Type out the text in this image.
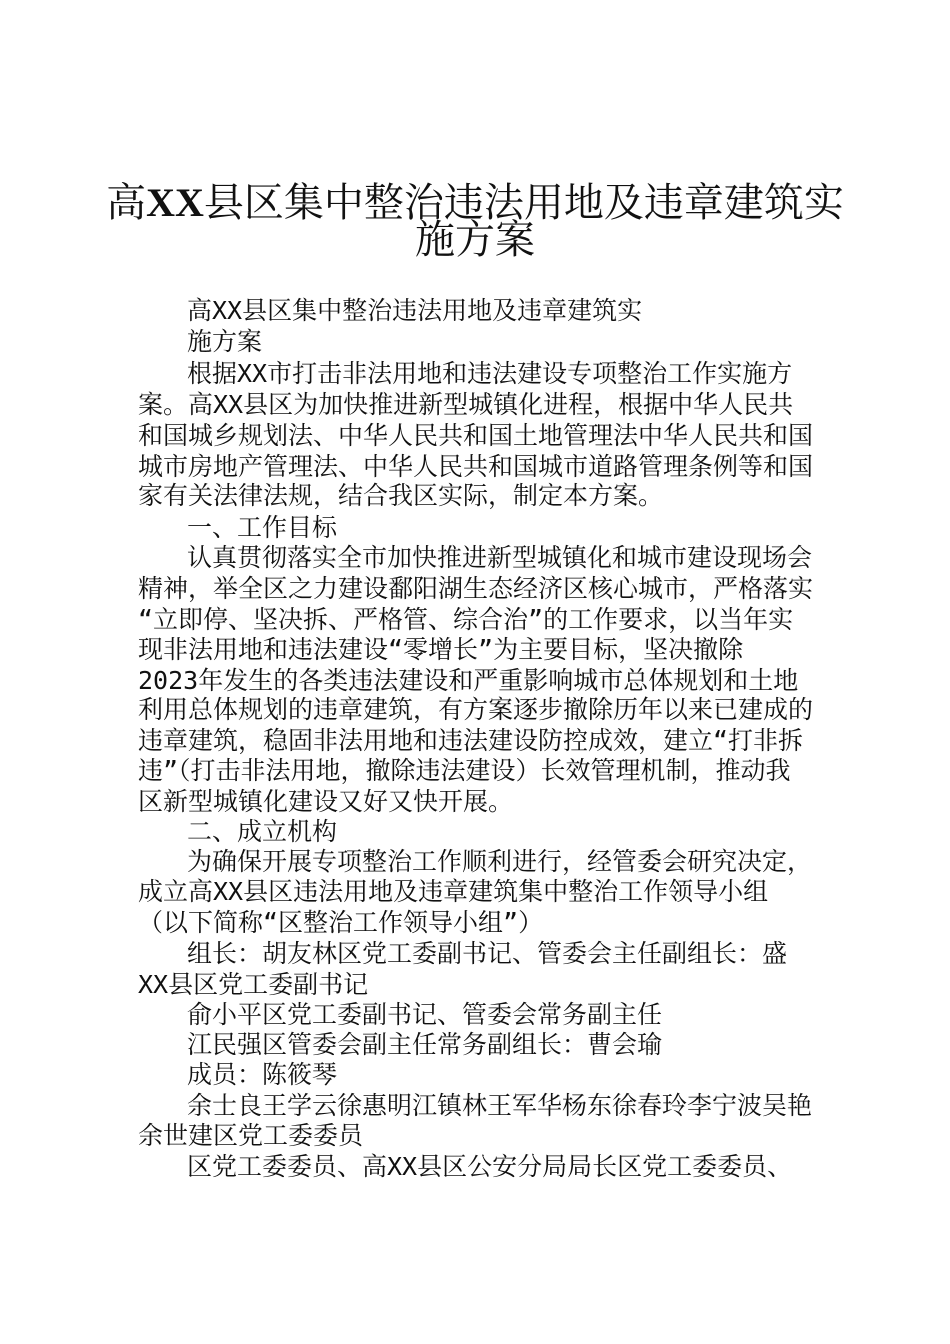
高XX县区集中整治违法用地及违章建筑实
施方案

高XX县区集中整治违法用地及违章建筑实

施方案

根据XX市打击非法用地和违法建设专项整治工作实施方

案。高XX县区为加快推进新型城镇化进程，根据中华人民共

和国城乡规划法、中华人民共和国土地管理法中华人民共和国

城市房地产管理法、中华人民共和国城市道路管理条例等和国

家有关法律法规，结合我区实际，制定本方案。

一、工作目标

认真贯彻落实全市加快推进新型城镇化和城市建设现场会

精神，举全区之力建设鄱阳湖生态经济区核心城市，严格落实

“立即停、坚决拆、严格管、综合治”的工作要求，以当年实

现非法用地和违法建设“零增长”为主要目标，坚决撤除

2023年发生的各类违法建设和严重影响城市总体规划和土地

利用总体规划的违章建筑，有方案逐步撤除历年以来已建成的

违章建筑，稳固非法用地和违法建设防控成效，建立“打非拆

违”（打击非法用地，撤除违法建设）长效管理机制，推动我

区新型城镇化建设又好又快开展。

二、成立机构

为确保开展专项整治工作顺利进行，经管委会研究决定，

成立高XX县区违法用地及违章建筑集中整治工作领导小组

（以下简称“区整治工作领导小组”）

组长：胡友林区党工委副书记、管委会主任副组长：盛

XX县区党工委副书记

俞小平区党工委副书记、管委会常务副主任

江民强区管委会副主任常务副组长：曹会瑜

成员：陈筱琴

余士良王学云徐惠明江镇林王军华杨东徐春玲李宁波吴艳

余世建区党工委委员

区党工委委员、高XX县区公安分局局长区党工委委员、
